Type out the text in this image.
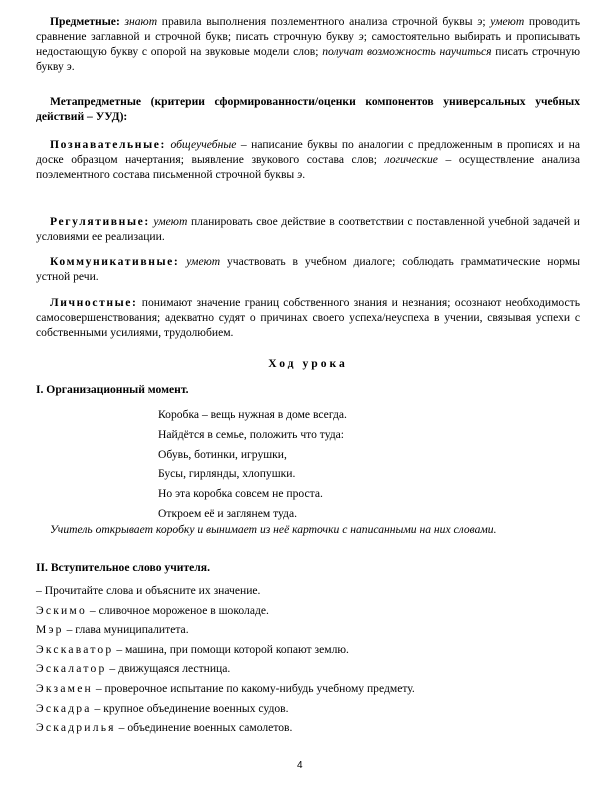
Предметные: знают правила выполнения позлементного анализа строчной буквы э; умеют проводить сравнение заглавной и строчной букв; писать строчную букву э; самостоятельно выбирать и прописывать недостающую букву с опорой на звуковые модели слов; получат возможность научиться писать строчную букву э.

Метапредметные (критерии сформированности/оценки компонентов универсальных учебных действий – УУД):

Познавательные: общеучебные – написание буквы по аналогии с предложенным в прописях и на доске образцом начертания; выявление звукового состава слов; логические – осуществление анализа поэлементного состава письменной строчной буквы э.

Регулятивные: умеют планировать свое действие в соответствии с поставленной учебной задачей и условиями ее реализации.

Коммуникативные: умеют участвовать в учебном диалоге; соблюдать грамматические нормы устной речи.

Личностные: понимают значение границ собственного знания и незнания; осознают необходимость самосовершенствования; адекватно судят о причинах своего успеха/неуспеха в учении, связывая успехи с собственными усилиями, трудолюбием.

Ход урока

I. Организационный момент.

Коробка – вещь нужная в доме всегда.
Найдётся в семье, положить что туда:
Обувь, ботинки, игрушки,
Бусы, гирлянды, хлопушки.
Но эта коробка совсем не проста.
Откроем её и заглянем туда.

Учитель открывает коробку и вынимает из неё карточки с написанными на них словами.

II. Вступительное слово учителя.

– Прочитайте слова и объясните их значение.

Эскимо – сливочное мороженое в шоколаде.

Мэр – глава муниципалитета.

Экскаватор – машина, при помощи которой копают землю.

Эскалатор – движущаяся лестница.

Экзамен – проверочное испытание по какому-нибудь учебному предмету.

Эскадра – крупное объединение военных судов.

Эскадрилья – объединение военных самолетов.

4
